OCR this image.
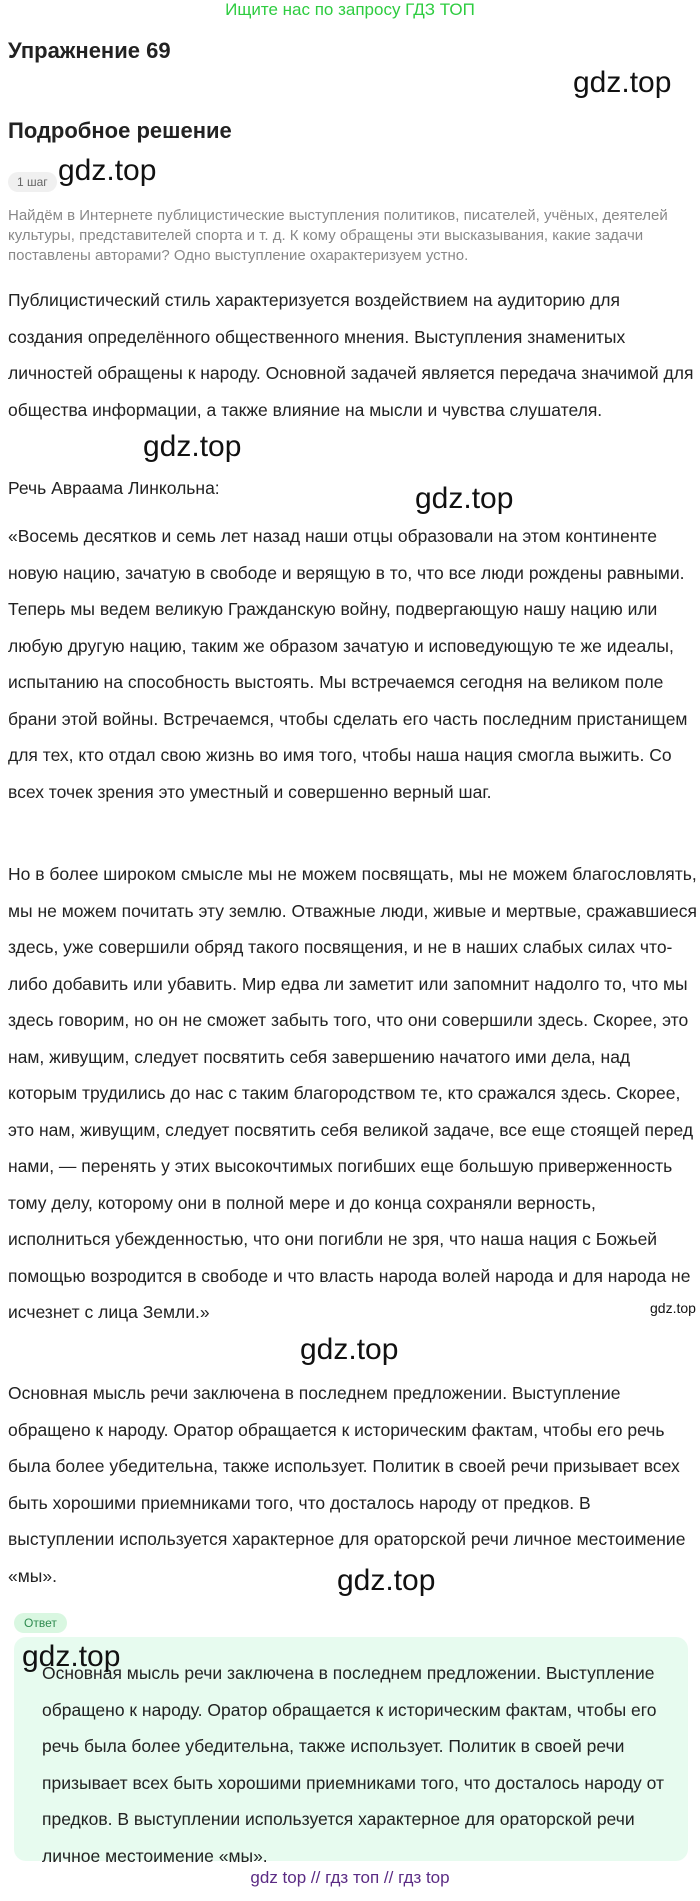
Ищите нас по запросу ГДЗ ТОП
Упражнение 69
gdz.top
Подробное решение
1 шаг gdz.top

Найдём в Интернете публицистические выступления политиков, писателей, учёных, деятелей культуры, представителей спорта и т. д. К кому обращены эти высказывания, какие задачи поставлены авторами? Одно выступление охарактеризуем устно.

Публицистический стиль характеризуется воздействием на аудиторию для создания определённого общественного мнения. Выступления знаменитых личностей обращены к народу. Основной задачей является передача значимой для общества информации, а также влияние на мысли и чувства слушателя.

gdz.top

Речь Авраама Линкольна:	gdz.top

«Восемь десятков и семь лет назад наши отцы образовали на этом континенте новую нацию, зачатую в свободе и верящую в то, что все люди рождены равными. Теперь мы ведем великую Гражданскую войну, подвергающую нашу нацию или любую другую нацию, таким же образом зачатую и исповедующую те же идеалы, испытанию на способность выстоять. Мы встречаемся сегодня на великом поле брани этой войны. Встречаемся, чтобы сделать его часть последним пристанищем для тех, кто отдал свою жизнь во имя того, чтобы наша нация смогла выжить. Со всех точек зрения это уместный и совершенно верный шаг.

Но в более широком смысле мы не можем посвящать, мы не можем благословлять, мы не можем почитать эту землю. Отважные люди, живые и мертвые, сражавшиеся здесь, уже совершили обряд такого посвящения, и не в наших слабых силах что-либо добавить или убавить. Мир едва ли заметит или запомнит надолго то, что мы здесь говорим, но он не сможет забыть того, что они совершили здесь. Скорее, это нам, живущим, следует посвятить себя завершению начатого ими дела, над которым трудились до нас с таким благородством те, кто сражался здесь. Скорее, это нам, живущим, следует посвятить себя великой задаче, все еще стоящей перед нами, — перенять у этих высокочтимых погибших еще большую приверженность тому делу, которому они в полной мере и до конца сохраняли верность, исполниться убежденностью, что они погибли не зря, что наша нация с Божьей помощью возродится в свободе и что власть народа волей народа и для народа не исчезнет с лица Земли.»	gdz.top
gdz.top

Основная мысль речи заключена в последнем предложении. Выступление обращено к народу. Оратор обращается к историческим фактам, чтобы его речь была более убедительна, также использует. Политик в своей речи призывает всех быть хорошими приемниками того, что досталось народу от предков. В выступлении используется характерное для ораторской речи личное местоимение «мы».	gdz.top
Ответ

Основная мысль речи заключена в последнем предложении. Выступление обращено к народу. Оратор обращается к историческим фактам, чтобы его речь была более убедительна, также использует. Политик в своей речи призывает всех быть хорошими приемниками того, что досталось народу от предков. В выступлении используется характерное для ораторской речи личное местоимение «мы».

gdz.top
gdz top // гдз топ // гдз top
